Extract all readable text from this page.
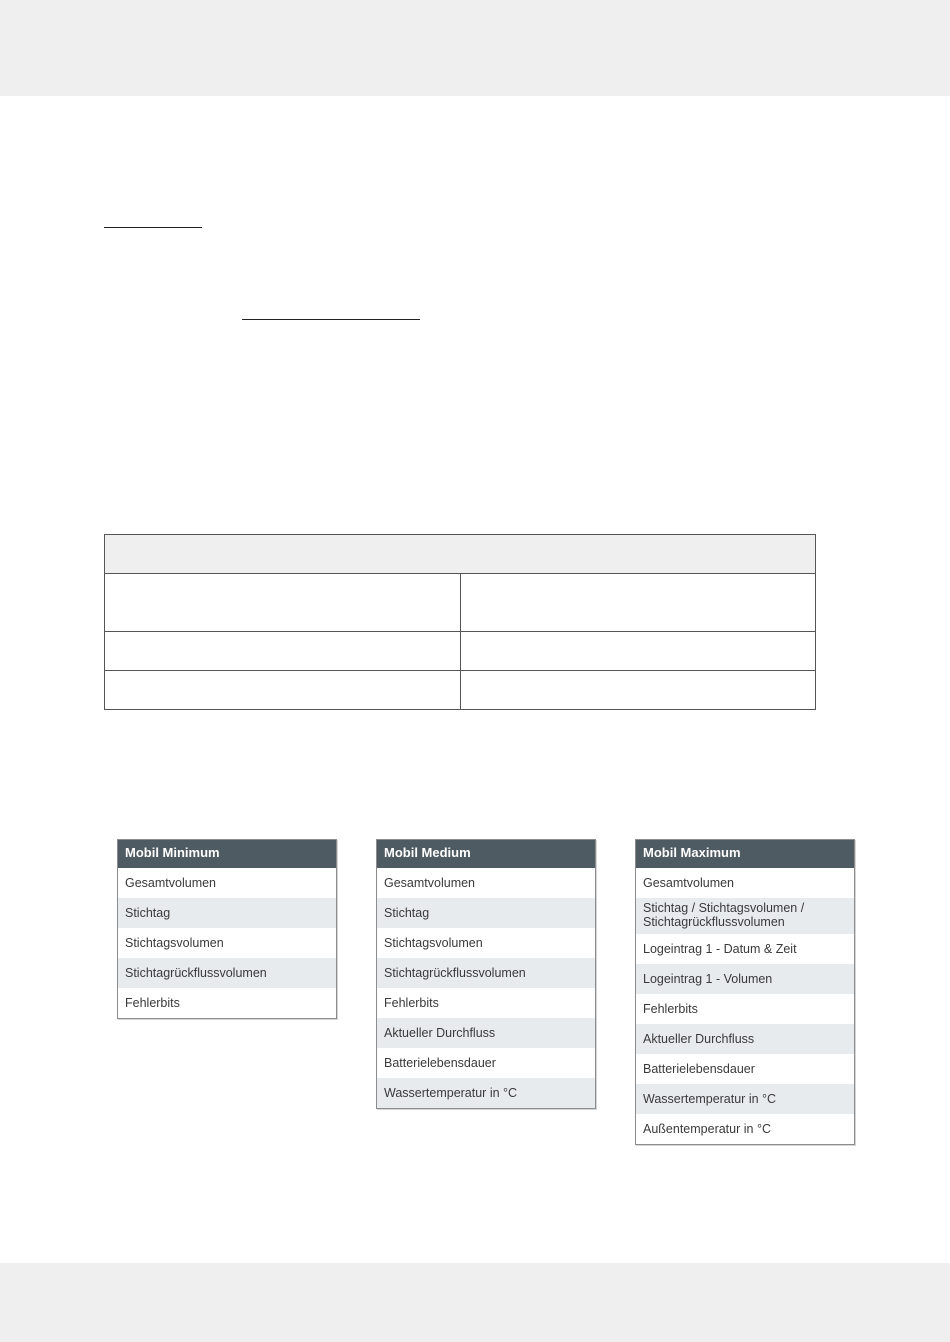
Mobil Minimum
Gesamtvolumen
Stichtag
Stichtagsvolumen
Stichtagrückflussvolumen
Fehlerbits
Mobil Medium
Gesamtvolumen
Stichtag
Stichtagsvolumen
Stichtagrückflussvolumen
Fehlerbits
Aktueller Durchfluss
Batterielebensdauer
Wassertemperatur in °C
Mobil Maximum
Gesamtvolumen
Stichtag / Stichtagsvolumen / Stichtagrückflussvolumen
Logeintrag 1 - Datum & Zeit
Logeintrag 1 - Volumen
Fehlerbits
Aktueller Durchfluss
Batterielebensdauer
Wassertemperatur in °C
Außentemperatur in °C
